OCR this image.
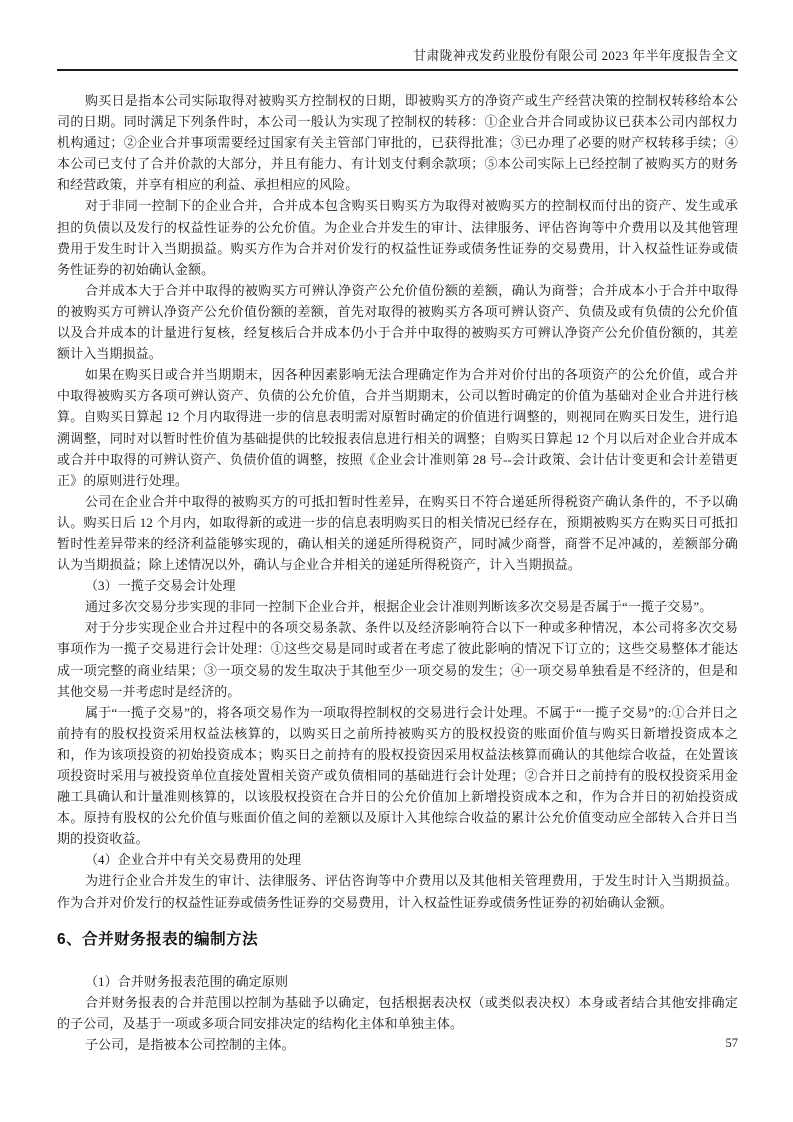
甘肃陇神戎发药业股份有限公司 2023 年半年度报告全文

购买日是指本公司实际取得对被购买方控制权的日期，即被购买方的净资产或生产经营决策的控制权转移给本公司的日期。同时满足下列条件时，本公司一般认为实现了控制权的转移：①企业合并合同或协议已获本公司内部权力机构通过；②企业合并事项需要经过国家有关主管部门审批的，已获得批准；③已办理了必要的财产权转移手续；④本公司已支付了合并价款的大部分，并且有能力、有计划支付剩余款项；⑤本公司实际上已经控制了被购买方的财务和经营政策，并享有相应的利益、承担相应的风险。

对于非同一控制下的企业合并，合并成本包含购买日购买方为取得对被购买方的控制权而付出的资产、发生或承担的负债以及发行的权益性证券的公允价值。为企业合并发生的审计、法律服务、评估咨询等中介费用以及其他管理费用于发生时计入当期损益。购买方作为合并对价发行的权益性证券或债务性证券的交易费用，计入权益性证券或债务性证券的初始确认金额。

合并成本大于合并中取得的被购买方可辨认净资产公允价值份额的差额，确认为商誉；合并成本小于合并中取得的被购买方可辨认净资产公允价值份额的差额，首先对取得的被购买方各项可辨认资产、负债及或有负债的公允价值以及合并成本的计量进行复核，经复核后合并成本仍小于合并中取得的被购买方可辨认净资产公允价值份额的，其差额计入当期损益。

如果在购买日或合并当期期末，因各种因素影响无法合理确定作为合并对价付出的各项资产的公允价值，或合并中取得被购买方各项可辨认资产、负债的公允价值，合并当期期末，公司以暂时确定的价值为基础对企业合并进行核算。自购买日算起 12 个月内取得进一步的信息表明需对原暂时确定的价值进行调整的，则视同在购买日发生，进行追溯调整，同时对以暂时性价值为基础提供的比较报表信息进行相关的调整；自购买日算起 12 个月以后对企业合并成本或合并中取得的可辨认资产、负债价值的调整，按照《企业会计准则第 28 号--会计政策、会计估计变更和会计差错更正》的原则进行处理。

公司在企业合并中取得的被购买方的可抵扣暂时性差异，在购买日不符合递延所得税资产确认条件的，不予以确认。购买日后 12 个月内，如取得新的或进一步的信息表明购买日的相关情况已经存在，预期被购买方在购买日可抵扣暂时性差异带来的经济利益能够实现的，确认相关的递延所得税资产，同时减少商誉，商誉不足冲减的，差额部分确认为当期损益；除上述情况以外，确认与企业合并相关的递延所得税资产，计入当期损益。

（3）一揽子交易会计处理

通过多次交易分步实现的非同一控制下企业合并，根据企业会计准则判断该多次交易是否属于“一揽子交易”。

对于分步实现企业合并过程中的各项交易条款、条件以及经济影响符合以下一种或多种情况，本公司将多次交易事项作为一揽子交易进行会计处理：①这些交易是同时或者在考虑了彼此影响的情况下订立的；这些交易整体才能达成一项完整的商业结果；③一项交易的发生取决于其他至少一项交易的发生；④一项交易单独看是不经济的，但是和其他交易一并考虑时是经济的。

属于“一揽子交易”的，将各项交易作为一项取得控制权的交易进行会计处理。不属于“一揽子交易”的:①合并日之前持有的股权投资采用权益法核算的，以购买日之前所持被购买方的股权投资的账面价值与购买日新增投资成本之和，作为该项投资的初始投资成本；购买日之前持有的股权投资因采用权益法核算而确认的其他综合收益，在处置该项投资时采用与被投资单位直接处置相关资产或负债相同的基础进行会计处理；②合并日之前持有的股权投资采用金融工具确认和计量准则核算的，以该股权投资在合并日的公允价值加上新增投资成本之和，作为合并日的初始投资成本。原持有股权的公允价值与账面价值之间的差额以及原计入其他综合收益的累计公允价值变动应全部转入合并日当期的投资收益。

（4）企业合并中有关交易费用的处理

为进行企业合并发生的审计、法律服务、评估咨询等中介费用以及其他相关管理费用，于发生时计入当期损益。作为合并对价发行的权益性证券或债务性证券的交易费用，计入权益性证券或债务性证券的初始确认金额。

6、合并财务报表的编制方法

（1）合并财务报表范围的确定原则

合并财务报表的合并范围以控制为基础予以确定，包括根据表决权（或类似表决权）本身或者结合其他安排确定的子公司，及基于一项或多项合同安排决定的结构化主体和单独主体。

子公司，是指被本公司控制的主体。	57
